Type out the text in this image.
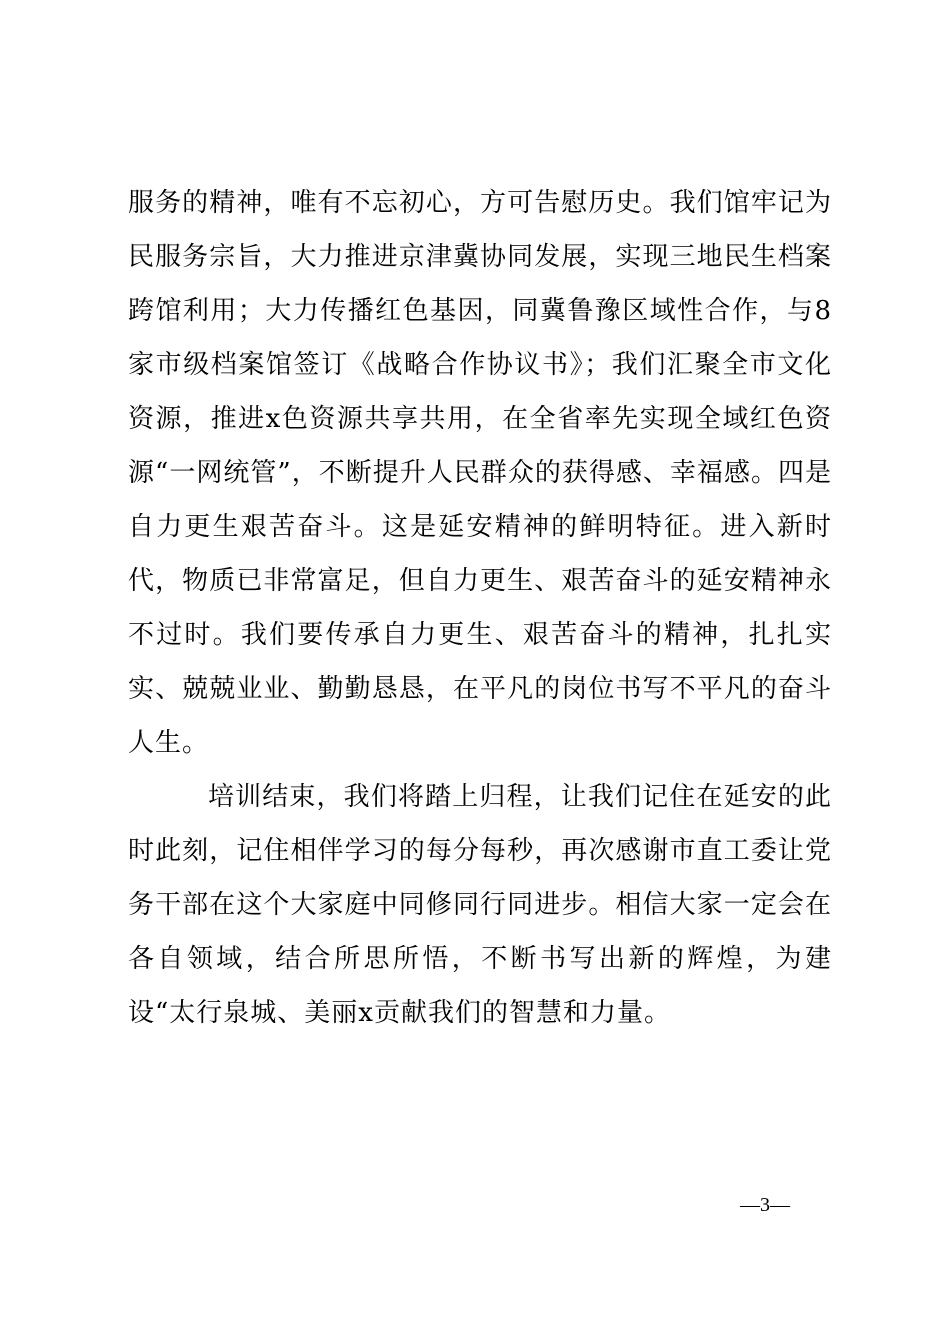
服务的精神，唯有不忘初心，方可告慰历史。我们馆牢记为民服务宗旨，大力推进京津冀协同发展，实现三地民生档案跨馆利用；大力传播红色基因，同冀鲁豫区域性合作，与8家市级档案馆签订《战略合作协议书》；我们汇聚全市文化资源，推进x色资源共享共用，在全省率先实现全域红色资源“一网统管”，不断提升人民群众的获得感、幸福感。四是自力更生艰苦奋斗。这是延安精神的鲜明特征。进入新时代，物质已非常富足，但自力更生、艰苦奋斗的延安精神永不过时。我们要传承自力更生、艰苦奋斗的精神，扎扎实实、兢兢业业、勤勤恳恳，在平凡的岗位书写不平凡的奋斗人生。

培训结束，我们将踏上归程，让我们记住在延安的此时此刻，记住相伴学习的每分每秒，再次感谢市直工委让党务干部在这个大家庭中同修同行同进步。相信大家一定会在各自领域，结合所思所悟，不断书写出新的辉煌，为建设“太行泉城、美丽x贡献我们的智慧和力量。

—3—
